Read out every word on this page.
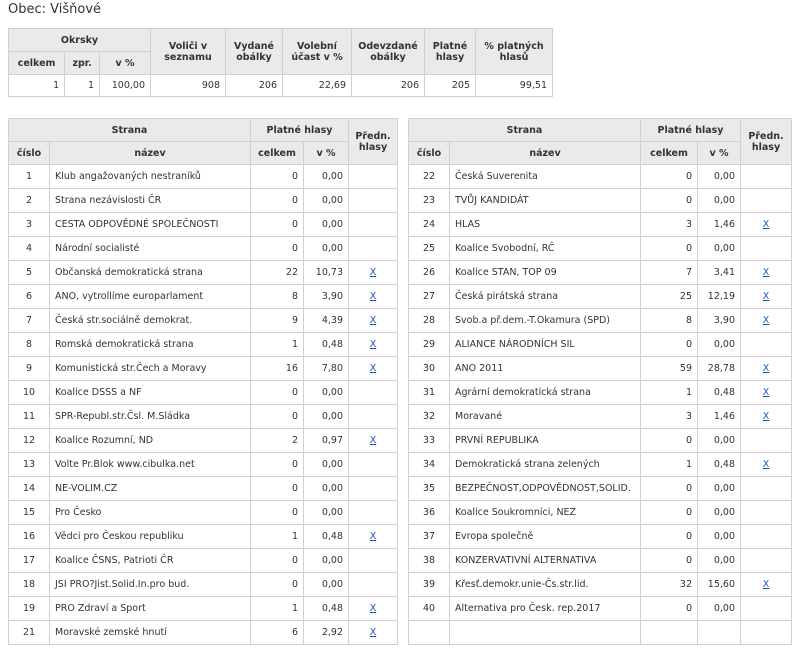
Obec: Višňové
Okrsky			Voliči v seznamu	Vydané obálky	Volební účast v %	Odevzdané obálky	Platné hlasy	% platných hlasů
celkem	zpr.	v %						
1	1	100,00	908	206	22,69	206	205	99,51
Strana		Platné hlasy		Předn. hlasy
číslo	název	celkem	v %	
1	Klub angažovaných nestraníků	0	0,00	
2	Strana nezávislosti ČR	0	0,00	
3	CESTA ODPOVĚDNÉ SPOLEČNOSTI	0	0,00	
4	Národní socialisté	0	0,00	
5	Občanská demokratická strana	22	10,73	X
6	ANO, vytrollíme europarlament	8	3,90	X
7	Česká str.sociálně demokrat.	9	4,39	X
8	Romská demokratická strana	1	0,48	X
9	Komunistická str.Čech a Moravy	16	7,80	X
10	Koalice DSSS a NF	0	0,00	
11	SPR-Republ.str.Čsl. M.Sládka	0	0,00	
12	Koalice Rozumní, ND	2	0,97	X
13	Volte Pr.Blok www.cibulka.net	0	0,00	
14	NE-VOLIM.CZ	0	0,00	
15	Pro Česko	0	0,00	
16	Vědci pro Českou republiku	1	0,48	X
17	Koalice ČSNS, Patrioti ČR	0	0,00	
18	JSI PRO?Jist.Solid.In.pro bud.	0	0,00	
19	PRO Zdraví a Sport	1	0,48	X
21	Moravské zemské hnutí	6	2,92	X
Strana		Platné hlasy		Předn. hlasy
číslo	název	celkem	v %	
22	Česká Suverenita	0	0,00	
23	TVŮJ KANDIDÁT	0	0,00	
24	HLAS	3	1,46	X
25	Koalice Svobodní, RČ	0	0,00	
26	Koalice STAN, TOP 09	7	3,41	X
27	Česká pirátská strana	25	12,19	X
28	Svob.a př.dem.-T.Okamura (SPD)	8	3,90	X
29	ALIANCE NÁRODNÍCH SIL	0	0,00	
30	ANO 2011	59	28,78	X
31	Agrární demokratická strana	1	0,48	X
32	Moravané	3	1,46	X
33	PRVNÍ REPUBLIKA	0	0,00	
34	Demokratická strana zelených	1	0,48	X
35	BEZPEČNOST,ODPOVĚDNOST,SOLID.	0	0,00	
36	Koalice Soukromníci, NEZ	0	0,00	
37	Evropa společně	0	0,00	
38	KONZERVATIVNÍ ALTERNATIVA	0	0,00	
39	Křesť.demokr.unie-Čs.str.lid.	32	15,60	X
40	Alternativa pro Česk. rep.2017	0	0,00	
